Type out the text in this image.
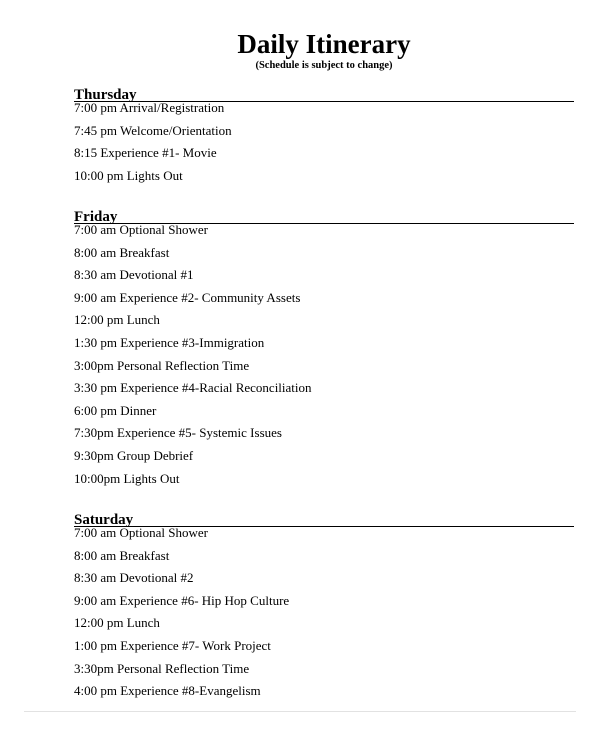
Daily Itinerary
(Schedule is subject to change)
Thursday
7:00 pm Arrival/Registration
7:45 pm Welcome/Orientation
8:15 Experience #1- Movie
10:00 pm Lights Out
Friday
7:00 am Optional Shower
8:00 am Breakfast
8:30 am Devotional #1
9:00 am Experience #2- Community Assets
12:00 pm Lunch
1:30 pm Experience #3-Immigration
3:00pm Personal Reflection Time
3:30 pm Experience #4-Racial Reconciliation
6:00 pm Dinner
7:30pm Experience #5- Systemic Issues
9:30pm Group Debrief
10:00pm Lights Out
Saturday
7:00 am Optional Shower
8:00 am Breakfast
8:30 am Devotional #2
9:00 am Experience #6- Hip Hop Culture
12:00 pm Lunch
1:00 pm Experience #7- Work Project
3:30pm Personal Reflection Time
4:00 pm Experience #8-Evangelism
